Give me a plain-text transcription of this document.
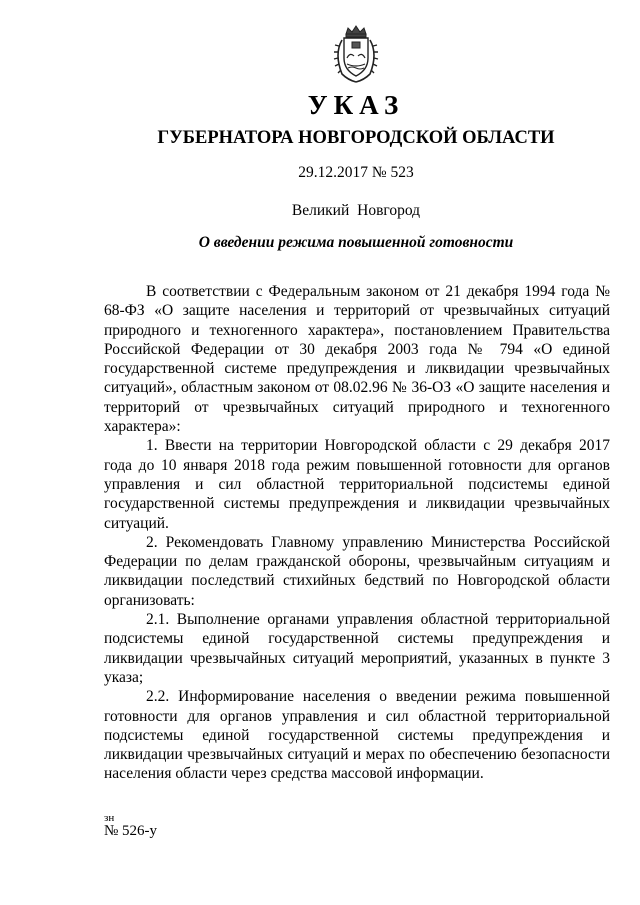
УКАЗ
ГУБЕРНАТОРА НОВГОРОДСКОЙ ОБЛАСТИ
29.12.2017 № 523
Великий Новгород
О введении режима повышенной готовности

В соответствии с Федеральным законом от 21 декабря 1994 года № 68-ФЗ «О защите населения и территорий от чрезвычайных ситуаций природного и техногенного характера», постановлением Правительства Российской Федерации от 30 декабря 2003 года № 794 «О единой государственной системе предупреждения и ликвидации чрезвычайных ситуаций», областным законом от 08.02.96 № 36-ОЗ «О защите населения и территорий от чрезвычайных ситуаций природного и техногенного характера»:

1. Ввести на территории Новгородской области с 29 декабря 2017 года до 10 января 2018 года режим повышенной готовности для органов управления и сил областной территориальной подсистемы единой государственной системы предупреждения и ликвидации чрезвычайных ситуаций.

2. Рекомендовать Главному управлению Министерства Российской Федерации по делам гражданской обороны, чрезвычайным ситуациям и ликвидации последствий стихийных бедствий по Новгородской области организовать:

2.1. Выполнение органами управления областной территориальной подсистемы единой государственной системы предупреждения и ликвидации чрезвычайных ситуаций мероприятий, указанных в пункте 3 указа;

2.2. Информирование населения о введении режима повышенной готовности для органов управления и сил областной территориальной подсистемы единой государственной системы предупреждения и ликвидации чрезвычайных ситуаций и мерах по обеспечению безопасности населения области через средства массовой информации.

зн
№ 526-у
